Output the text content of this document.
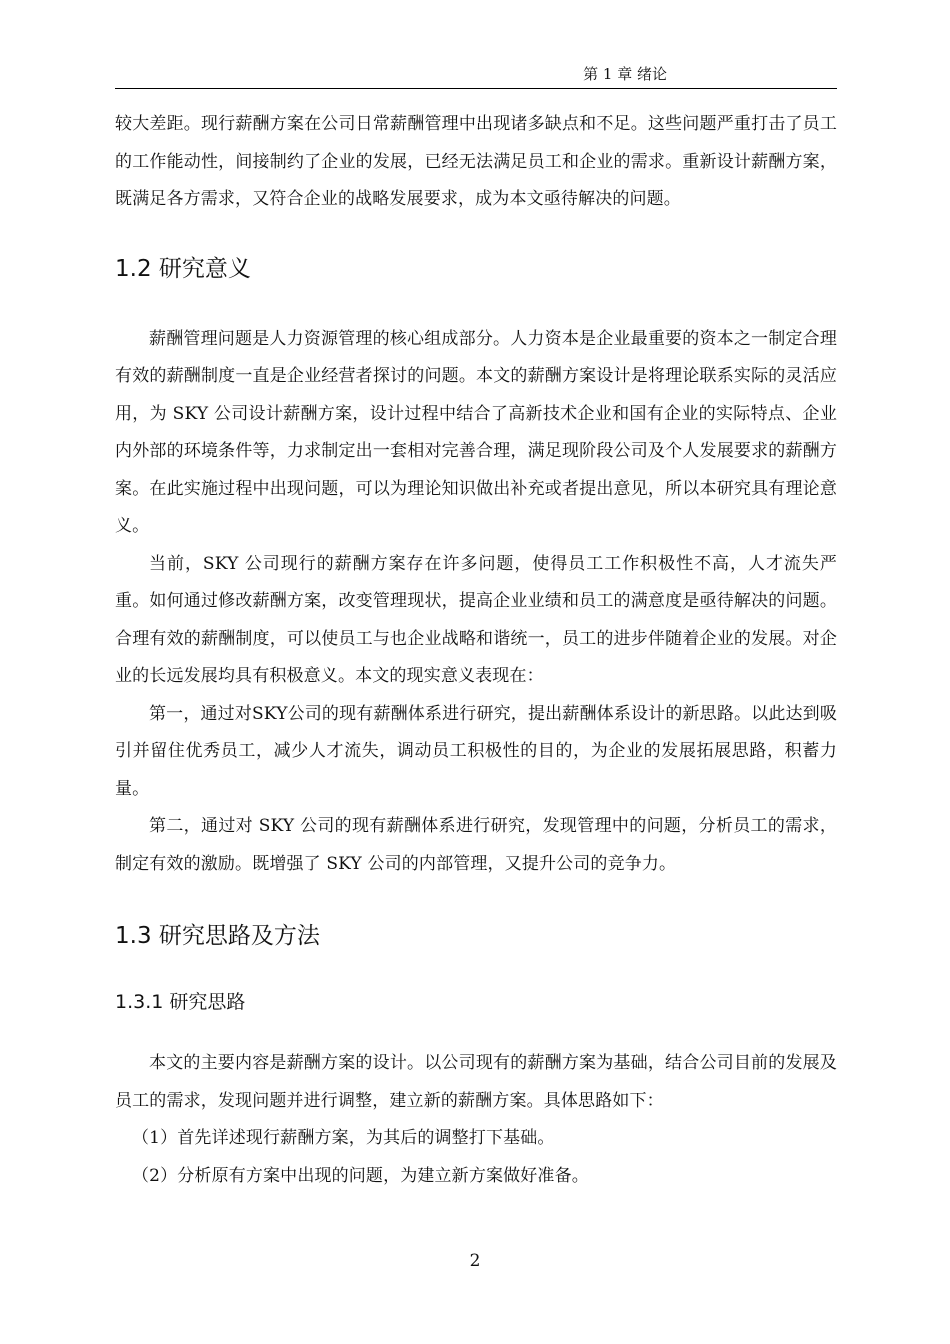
第 1 章 绪论

较大差距。现行薪酬方案在公司日常薪酬管理中出现诸多缺点和不足。这些问题严重打击了员工的工作能动性，间接制约了企业的发展，已经无法满足员工和企业的需求。重新设计薪酬方案，既满足各方需求，又符合企业的战略发展要求，成为本文亟待解决的问题。

1.2 研究意义

薪酬管理问题是人力资源管理的核心组成部分。人力资本是企业最重要的资本之一制定合理有效的薪酬制度一直是企业经营者探讨的问题。本文的薪酬方案设计是将理论联系实际的灵活应用，为 SKY 公司设计薪酬方案，设计过程中结合了高新技术企业和国有企业的实际特点、企业内外部的环境条件等，力求制定出一套相对完善合理，满足现阶段公司及个人发展要求的薪酬方案。在此实施过程中出现问题，可以为理论知识做出补充或者提出意见，所以本研究具有理论意义。

当前，SKY 公司现行的薪酬方案存在许多问题，使得员工工作积极性不高，人才流失严重。如何通过修改薪酬方案，改变管理现状，提高企业业绩和员工的满意度是亟待解决的问题。合理有效的薪酬制度，可以使员工与也企业战略和谐统一，员工的进步伴随着企业的发展。对企业的长远发展均具有积极意义。本文的现实意义表现在：

第一，通过对SKY公司的现有薪酬体系进行研究，提出薪酬体系设计的新思路。以此达到吸引并留住优秀员工，减少人才流失，调动员工积极性的目的，为企业的发展拓展思路，积蓄力量。

第二，通过对 SKY 公司的现有薪酬体系进行研究，发现管理中的问题，分析员工的需求，制定有效的激励。既增强了 SKY 公司的内部管理，又提升公司的竞争力。

1.3 研究思路及方法
1.3.1 研究思路

本文的主要内容是薪酬方案的设计。以公司现有的薪酬方案为基础，结合公司目前的发展及员工的需求，发现问题并进行调整，建立新的薪酬方案。具体思路如下：

（1）首先详述现行薪酬方案，为其后的调整打下基础。

（2）分析原有方案中出现的问题，为建立新方案做好准备。

2
